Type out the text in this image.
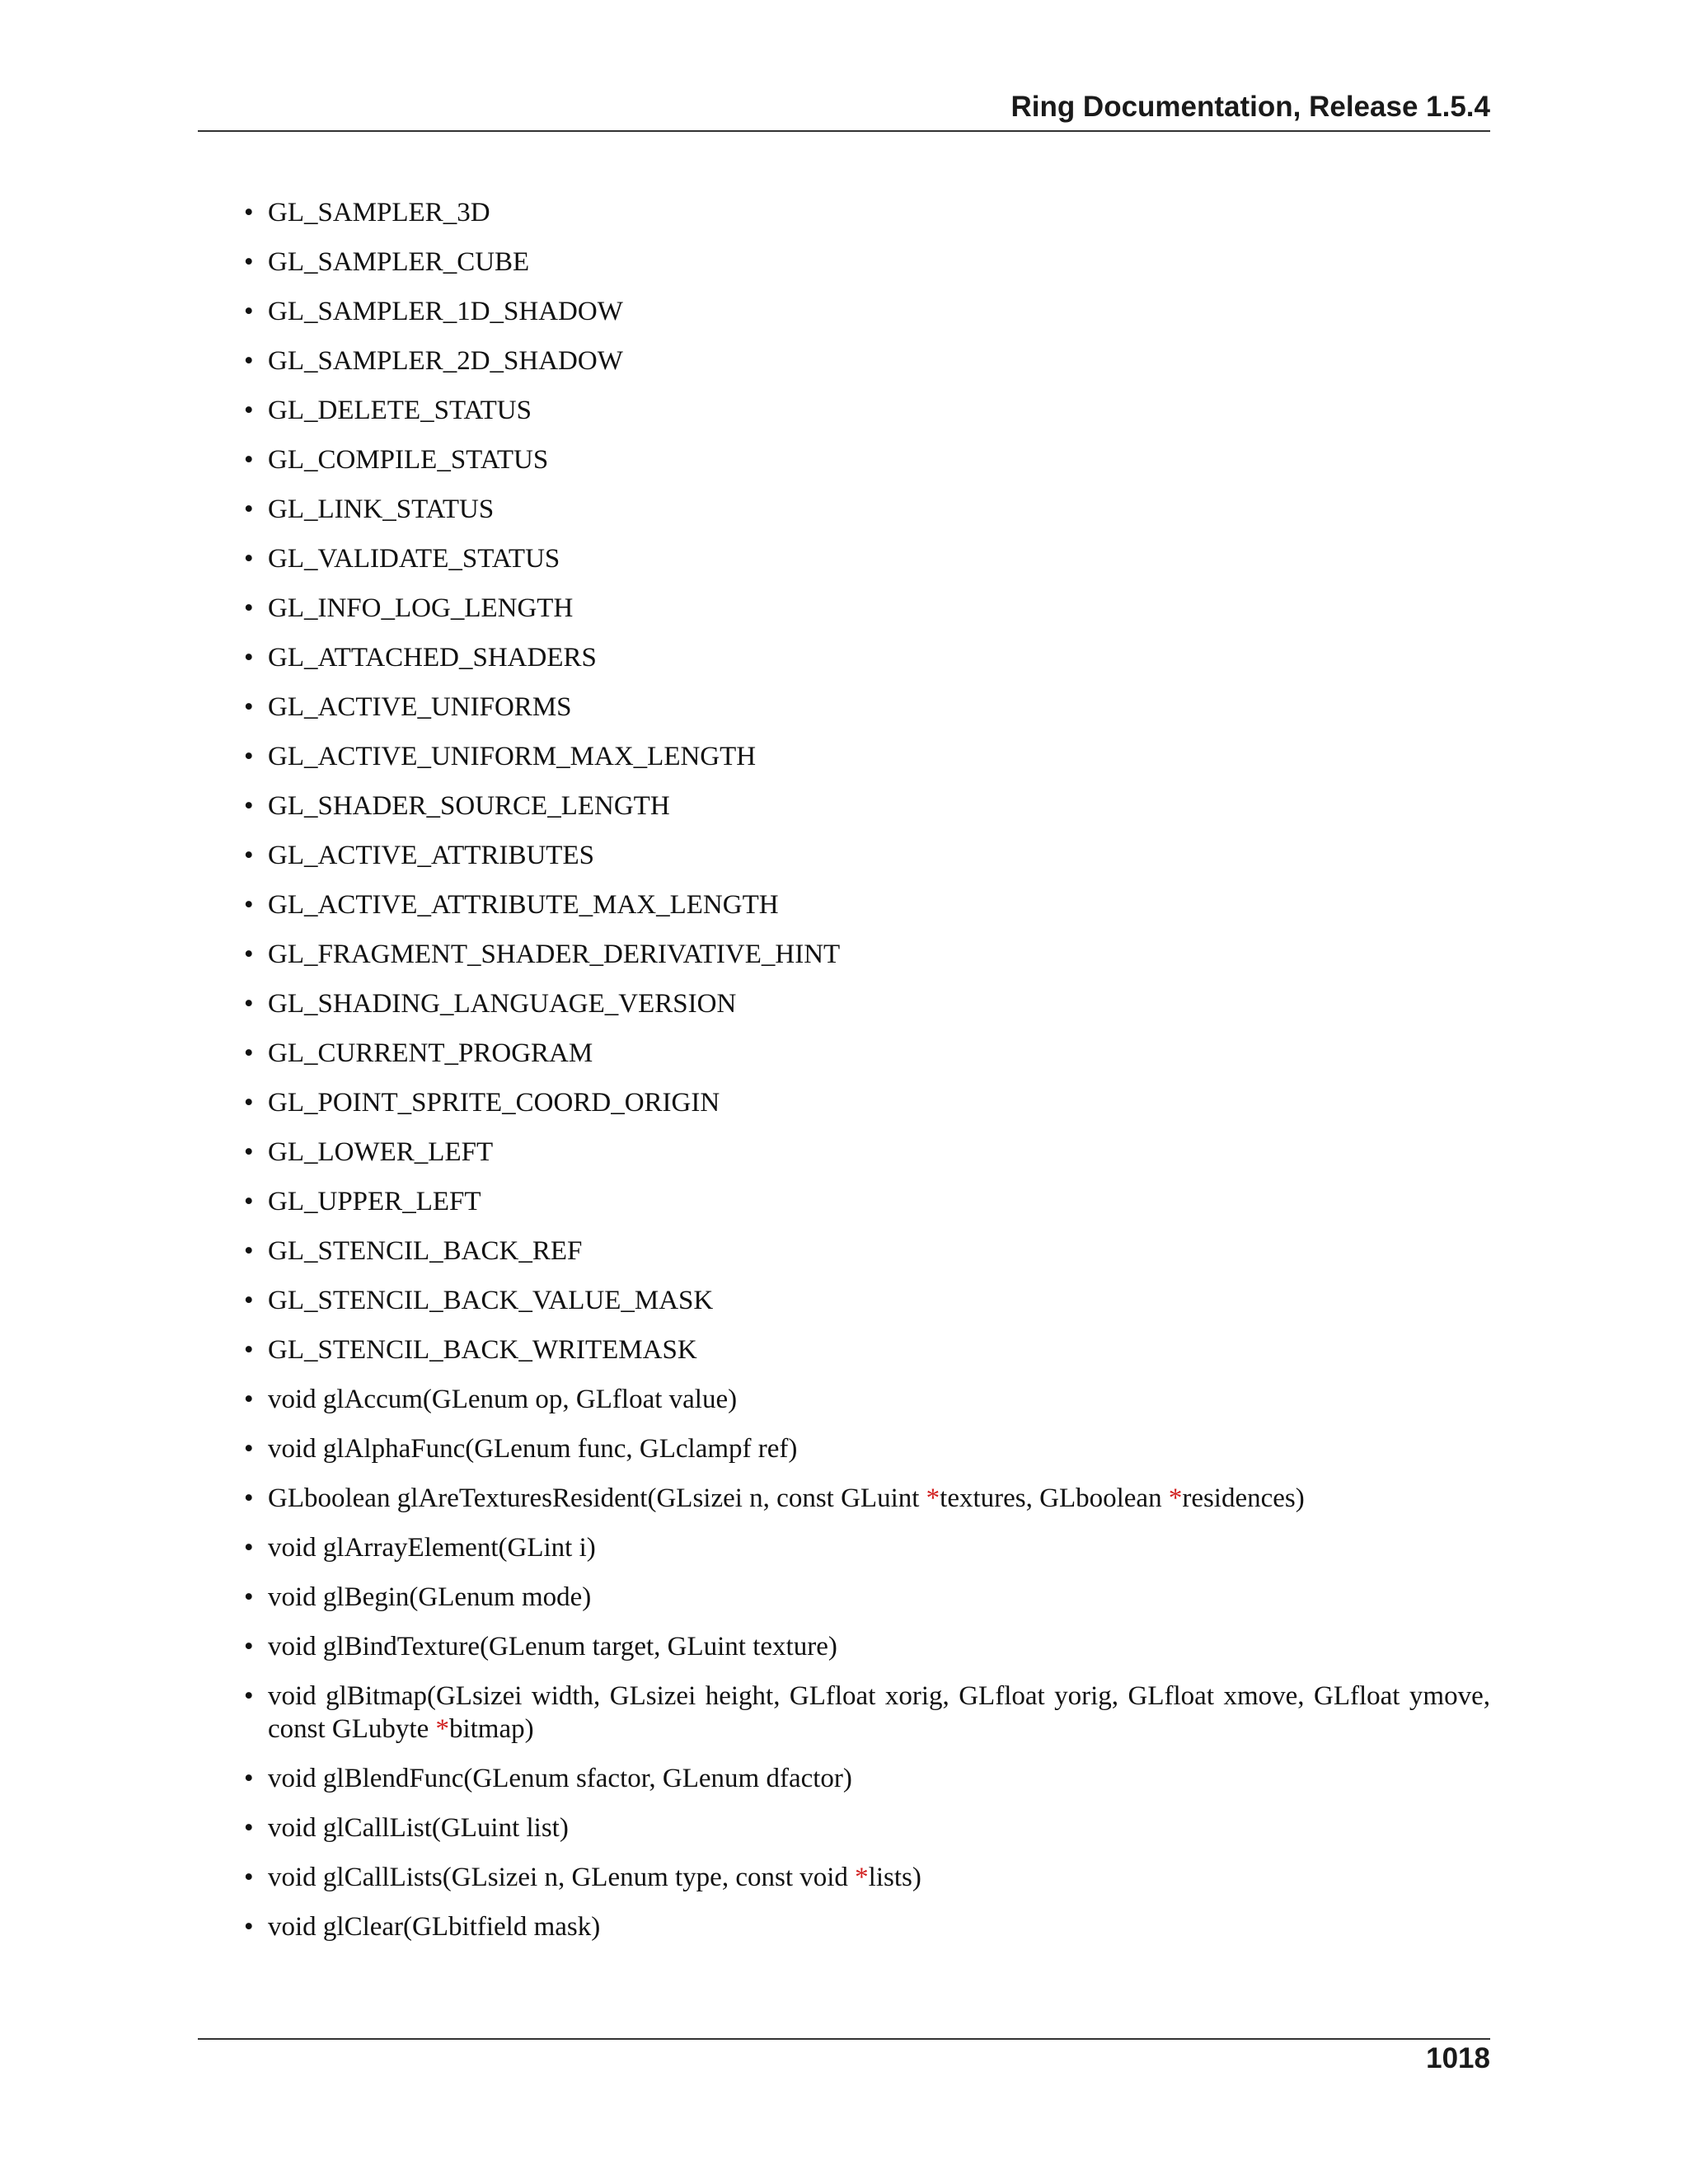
Ring Documentation, Release 1.5.4
• GL_SAMPLER_3D
• GL_SAMPLER_CUBE
• GL_SAMPLER_1D_SHADOW
• GL_SAMPLER_2D_SHADOW
• GL_DELETE_STATUS
• GL_COMPILE_STATUS
• GL_LINK_STATUS
• GL_VALIDATE_STATUS
• GL_INFO_LOG_LENGTH
• GL_ATTACHED_SHADERS
• GL_ACTIVE_UNIFORMS
• GL_ACTIVE_UNIFORM_MAX_LENGTH
• GL_SHADER_SOURCE_LENGTH
• GL_ACTIVE_ATTRIBUTES
• GL_ACTIVE_ATTRIBUTE_MAX_LENGTH
• GL_FRAGMENT_SHADER_DERIVATIVE_HINT
• GL_SHADING_LANGUAGE_VERSION
• GL_CURRENT_PROGRAM
• GL_POINT_SPRITE_COORD_ORIGIN
• GL_LOWER_LEFT
• GL_UPPER_LEFT
• GL_STENCIL_BACK_REF
• GL_STENCIL_BACK_VALUE_MASK
• GL_STENCIL_BACK_WRITEMASK
• void glAccum(GLenum op, GLfloat value)
• void glAlphaFunc(GLenum func, GLclampf ref)
• GLboolean glAreTexturesResident(GLsizei n, const GLuint *textures, GLboolean *residences)
• void glArrayElement(GLint i)
• void glBegin(GLenum mode)
• void glBindTexture(GLenum target, GLuint texture)
• void glBitmap(GLsizei width, GLsizei height, GLfloat xorig, GLfloat yorig, GLfloat xmove, GLfloat ymove, const GLubyte *bitmap)
• void glBlendFunc(GLenum sfactor, GLenum dfactor)
• void glCallList(GLuint list)
• void glCallLists(GLsizei n, GLenum type, const void *lists)
• void glClear(GLbitfield mask)
1018
